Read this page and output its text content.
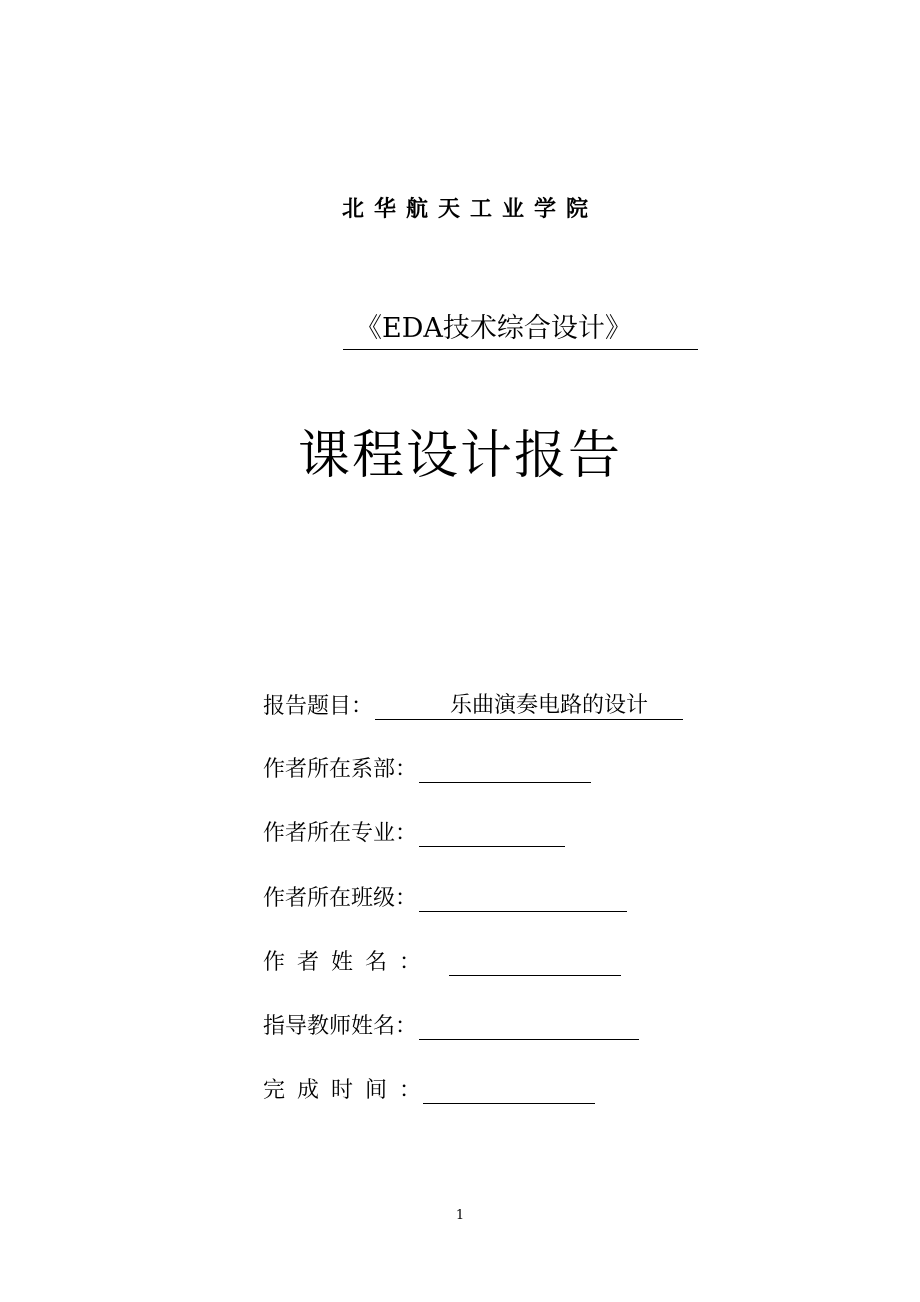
北华航天工业学院
《EDA技术综合设计》
课程设计报告
报告题目：	乐曲演奏电路的设计
作者所在系部：
作者所在专业：
作者所在班级：
作者姓名：
指导教师姓名：
完成时间：
1
